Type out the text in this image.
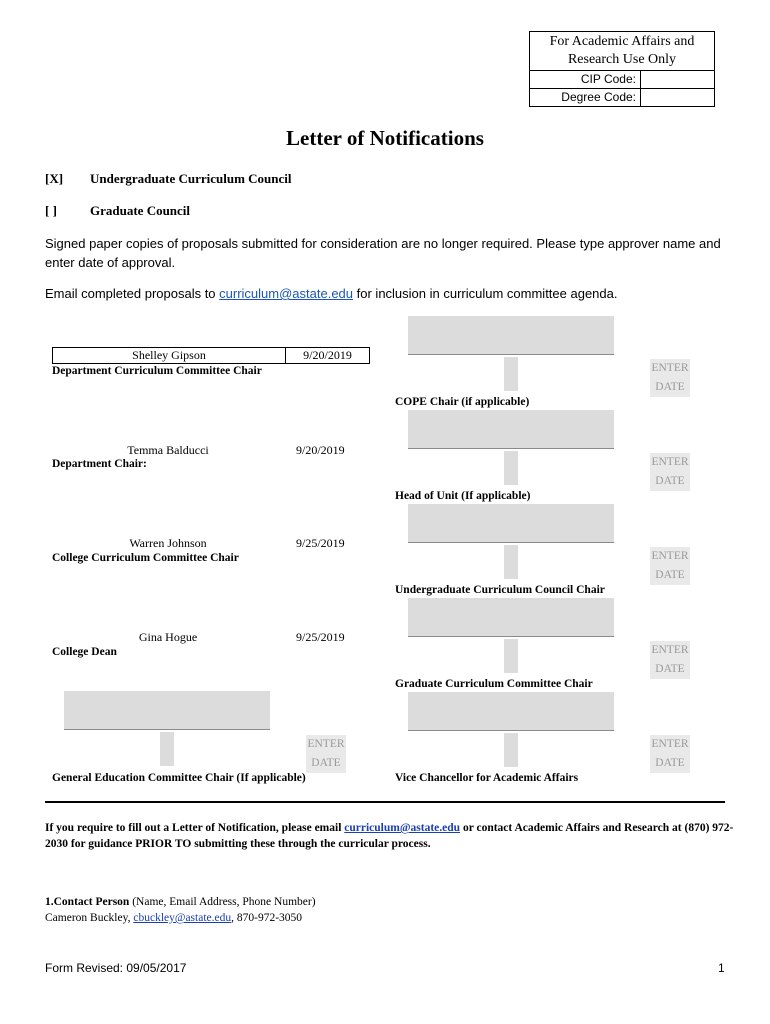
For Academic Affairs and Research Use Only
CIP Code:
Degree Code:
Letter of Notifications
[X] Undergraduate Curriculum Council
[ ]	Graduate Council
Signed paper copies of proposals submitted for consideration are no longer required. Please type approver name and enter date of approval.
Email completed proposals to curriculum@astate.edu for inclusion in curriculum committee agenda.
Shelley Gipson	9/20/2019
Department Curriculum Committee Chair
Temma Balducci	9/20/2019
Department Chair:
Warren Johnson	9/25/2019
College Curriculum Committee Chair
Gina Hogue	9/25/2019
College Dean
ENTER
DATE
General Education Committee Chair (If applicable)
ENTER
DATE
COPE Chair (if applicable)
ENTER
DATE
Head of Unit (If applicable)
ENTER
DATE
Undergraduate Curriculum Council Chair
ENTER
DATE
Graduate Curriculum Committee Chair
ENTER
DATE
Vice Chancellor for Academic Affairs
If you require to fill out a Letter of Notification, please email curriculum@astate.edu or contact Academic Affairs and Research at (870) 972-2030 for guidance PRIOR TO submitting these through the curricular process.
1.Contact Person (Name, Email Address, Phone Number)
Cameron Buckley, cbuckley@astate.edu, 870-972-3050
Form Revised: 09/05/2017	1
